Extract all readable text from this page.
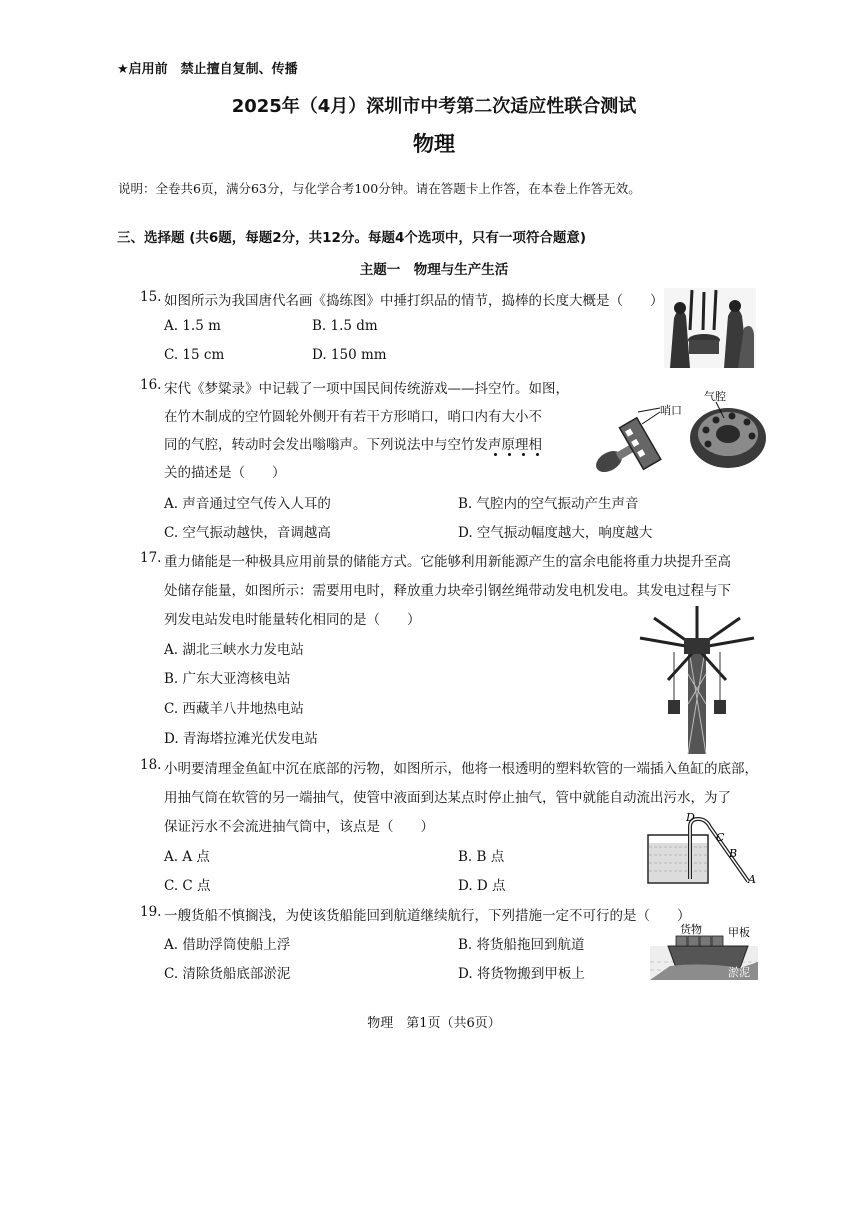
★启用前　禁止擅自复制、传播
2025年（4月）深圳市中考第二次适应性联合测试
物理
说明：全卷共6页，满分63分，与化学合考100分钟。请在答题卡上作答，在本卷上作答无效。
三、选择题 (共6题，每题2分，共12分。每题4个选项中，只有一项符合题意)
主题一　物理与生产生活
15. 如图所示为我国唐代名画《捣练图》中捶打织品的情节，捣棒的长度大概是（　　）
A. 1.5 m	B. 1.5 dm
C. 15 cm	D. 150 mm
16. 宋代《梦粱录》中记载了一项中国民间传统游戏——抖空竹。如图，
在竹木制成的空竹圆轮外侧开有若干方形哨口，哨口内有大小不
同的气腔，转动时会发出嗡嗡声。下列说法中与空竹发声原理相
关的描述是（　　）
A. 声音通过空气传入人耳的	B. 气腔内的空气振动产生声音
C. 空气振动越快，音调越高	D. 空气振动幅度越大，响度越大
哨口
气腔
17. 重力储能是一种极具应用前景的储能方式。它能够利用新能源产生的富余电能将重力块提升至高
处储存能量，如图所示：需要用电时，释放重力块牵引钢丝绳带动发电机发电。其发电过程与下
列发电站发电时能量转化相同的是（　　）
A. 湖北三峡水力发电站
B. 广东大亚湾核电站
C. 西藏羊八井地热电站
D. 青海塔拉滩光伏发电站
18. 小明要清理金鱼缸中沉在底部的污物，如图所示，他将一根透明的塑料软管的一端插入鱼缸的底部，
用抽气筒在软管的另一端抽气，使管中液面到达某点时停止抽气，管中就能自动流出污水，为了
保证污水不会流进抽气筒中，该点是（　　）
A. A 点	B. B 点
C. C 点	D. D 点
D
C
B
A
19. 一艘货船不慎搁浅，为使该货船能回到航道继续航行，下列措施一定不可行的是（　　）
A. 借助浮筒使船上浮	B. 将货船拖回到航道
C. 清除货船底部淤泥	D. 将货物搬到甲板上
货物 甲板
淤泥
物理　第1页（共6页）
